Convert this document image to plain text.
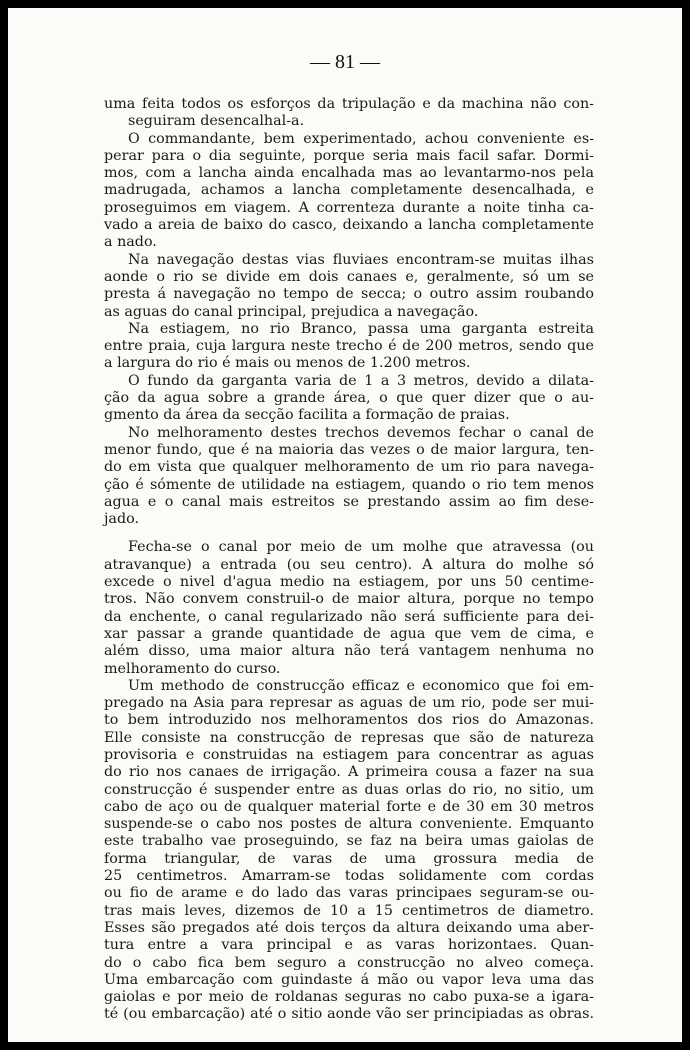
— 81 —
uma feita todos os esforços da tripulação e da machina não con-
seguiram desencalhal-a.
O commandante, bem experimentado, achou conveniente es-
perar para o dia seguinte, porque seria mais facil safar. Dormi-
mos, com a lancha ainda encalhada mas ao levantarmo-nos pela
madrugada, achamos a lancha completamente desencalhada, e
proseguimos em viagem. A correnteza durante a noite tinha ca-
vado a areia de baixo do casco, deixando a lancha completamente
a nado.
Na navegação destas vias fluviaes encontram-se muitas ilhas
aonde o rio se divide em dois canaes e, geralmente, só um se
presta á navegação no tempo de secca; o outro assim roubando
as aguas do canal principal, prejudica a navegação.
Na estiagem, no rio Branco, passa uma garganta estreita
entre praia, cuja largura neste trecho é de 200 metros, sendo que
a largura do rio é mais ou menos de 1.200 metros.
O fundo da garganta varia de 1 a 3 metros, devido a dilata-
ção da agua sobre a grande área, o que quer dizer que o au-
gmento da área da secção facilita a formação de praias.
No melhoramento destes trechos devemos fechar o canal de
menor fundo, que é na maioria das vezes o de maior largura, ten-
do em vista que qualquer melhoramento de um rio para navega-
ção é sómente de utilidade na estiagem, quando o rio tem menos
agua e o canal mais estreitos se prestando assim ao fim dese-
jado.
Fecha-se o canal por meio de um molhe que atravessa (ou
atravanque) a entrada (ou seu centro). A altura do molhe só
excede o nivel d'agua medio na estiagem, por uns 50 centime-
tros. Não convem construil-o de maior altura, porque no tempo
da enchente, o canal regularizado não será sufficiente para dei-
xar passar a grande quantidade de agua que vem de cima, e
além disso, uma maior altura não terá vantagem nenhuma no
melhoramento do curso.
Um methodo de construcção efficaz e economico que foi em-
pregado na Asia para represar as aguas de um rio, pode ser mui-
to bem introduzido nos melhoramentos dos rios do Amazonas.
Elle consiste na construcção de represas que são de natureza
provisoria e construidas na estiagem para concentrar as aguas
do rio nos canaes de irrigação. A primeira cousa a fazer na sua
construcção é suspender entre as duas orlas do rio, no sitio, um
cabo de aço ou de qualquer material forte e de 30 em 30 metros
suspende-se o cabo nos postes de altura conveniente. Emquanto
este trabalho vae proseguindo, se faz na beira umas gaiolas de
forma triangular, de varas de uma grossura media de
25 centimetros. Amarram-se todas solidamente com cordas
ou fio de arame e do lado das varas principaes seguram-se ou-
tras mais leves, dizemos de 10 a 15 centimetros de diametro.
Esses são pregados até dois terços da altura deixando uma aber-
tura entre a vara principal e as varas horizontaes. Quan-
do o cabo fica bem seguro a construcção no alveo começa.
Uma embarcação com guindaste á mão ou vapor leva uma das
gaiolas e por meio de roldanas seguras no cabo puxa-se a igara-
té (ou embarcação) até o sitio aonde vão ser principiadas as obras.
